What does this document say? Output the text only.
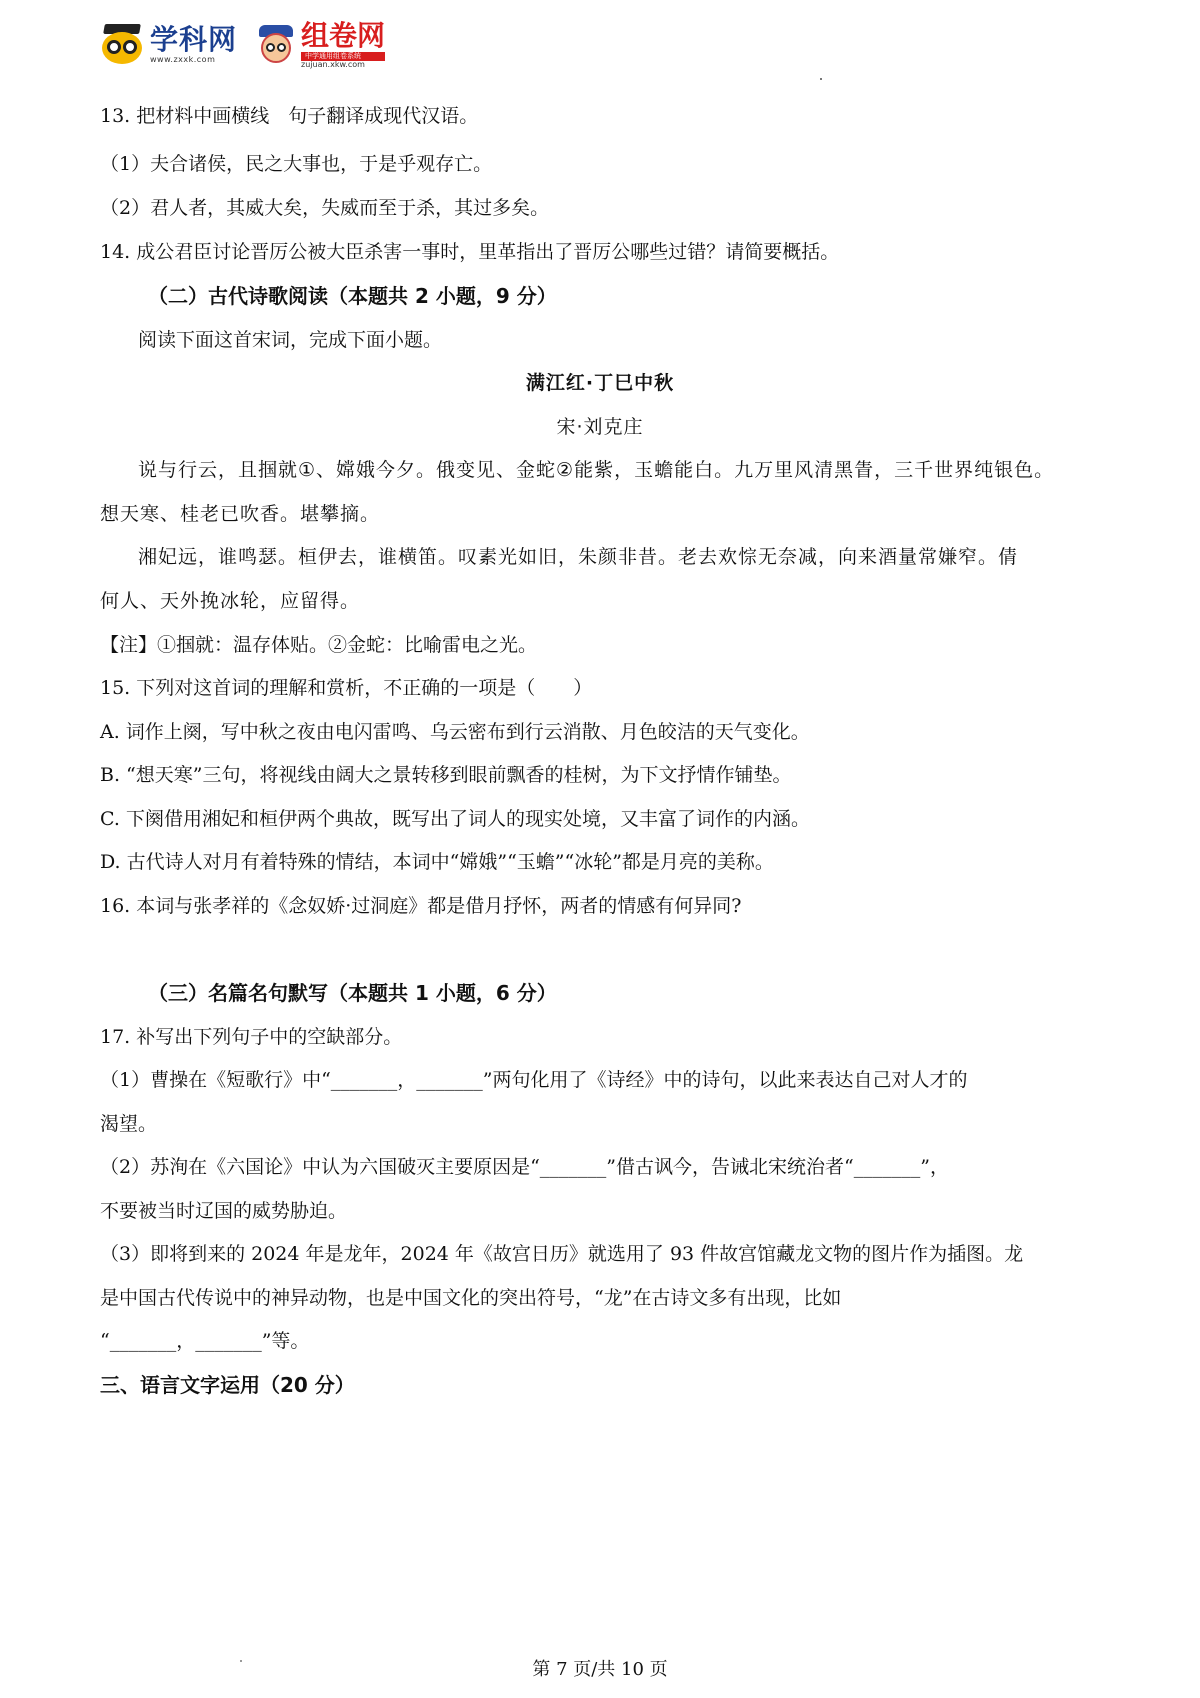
学科网
www.zxxk.com
组卷网
中学通用组卷系统
zujuan.xkw.com
13. 把材料中画横线　句子翻译成现代汉语。
（1）夫合诸侯，民之大事也，于是乎观存亡。
（2）君人者，其威大矣，失威而至于杀，其过多矣。
14. 成公君臣讨论晋厉公被大臣杀害一事时，里革指出了晋厉公哪些过错？请简要概括。
（二）古代诗歌阅读（本题共 2 小题，9 分）
阅读下面这首宋词，完成下面小题。
满江红·丁巳中秋
宋·刘克庄
说与行云，且掴就①、嫦娥今夕。俄变见、金蛇②能紫，玉蟾能白。九万里风清黑眚，三千世界纯银色。
想天寒、桂老已吹香。堪攀摘。
湘妃远，谁鸣瑟。桓伊去，谁横笛。叹素光如旧，朱颜非昔。老去欢悰无奈减，向来酒量常嫌窄。倩
何人、天外挽冰轮，应留得。
【注】①掴就：温存体贴。②金蛇：比喻雷电之光。
15. 下列对这首词的理解和赏析，不正确的一项是（　　）
A. 词作上阕，写中秋之夜由电闪雷鸣、乌云密布到行云消散、月色皎洁的天气变化。
B. “想天寒”三句，将视线由阔大之景转移到眼前飘香的桂树，为下文抒情作铺垫。
C. 下阕借用湘妃和桓伊两个典故，既写出了词人的现实处境，又丰富了词作的内涵。
D. 古代诗人对月有着特殊的情结，本词中“嫦娥”“玉蟾”“冰轮”都是月亮的美称。
16. 本词与张孝祥的《念奴娇·过洞庭》都是借月抒怀，两者的情感有何异同?
（三）名篇名句默写（本题共 1 小题，6 分）
17. 补写出下列句子中的空缺部分。
（1）曹操在《短歌行》中“_______，_______”两句化用了《诗经》中的诗句，以此来表达自己对人才的
渴望。
（2）苏洵在《六国论》中认为六国破灭主要原因是“_______”借古讽今，告诫北宋统治者“_______”，
不要被当时辽国的威势胁迫。
（3）即将到来的 2024 年是龙年，2024 年《故宫日历》就选用了 93 件故宫馆藏龙文物的图片作为插图。龙
是中国古代传说中的神异动物，也是中国文化的突出符号，“龙”在古诗文多有出现，比如
“_______，_______”等。
三、语言文字运用（20 分）
第 7 页/共 10 页
